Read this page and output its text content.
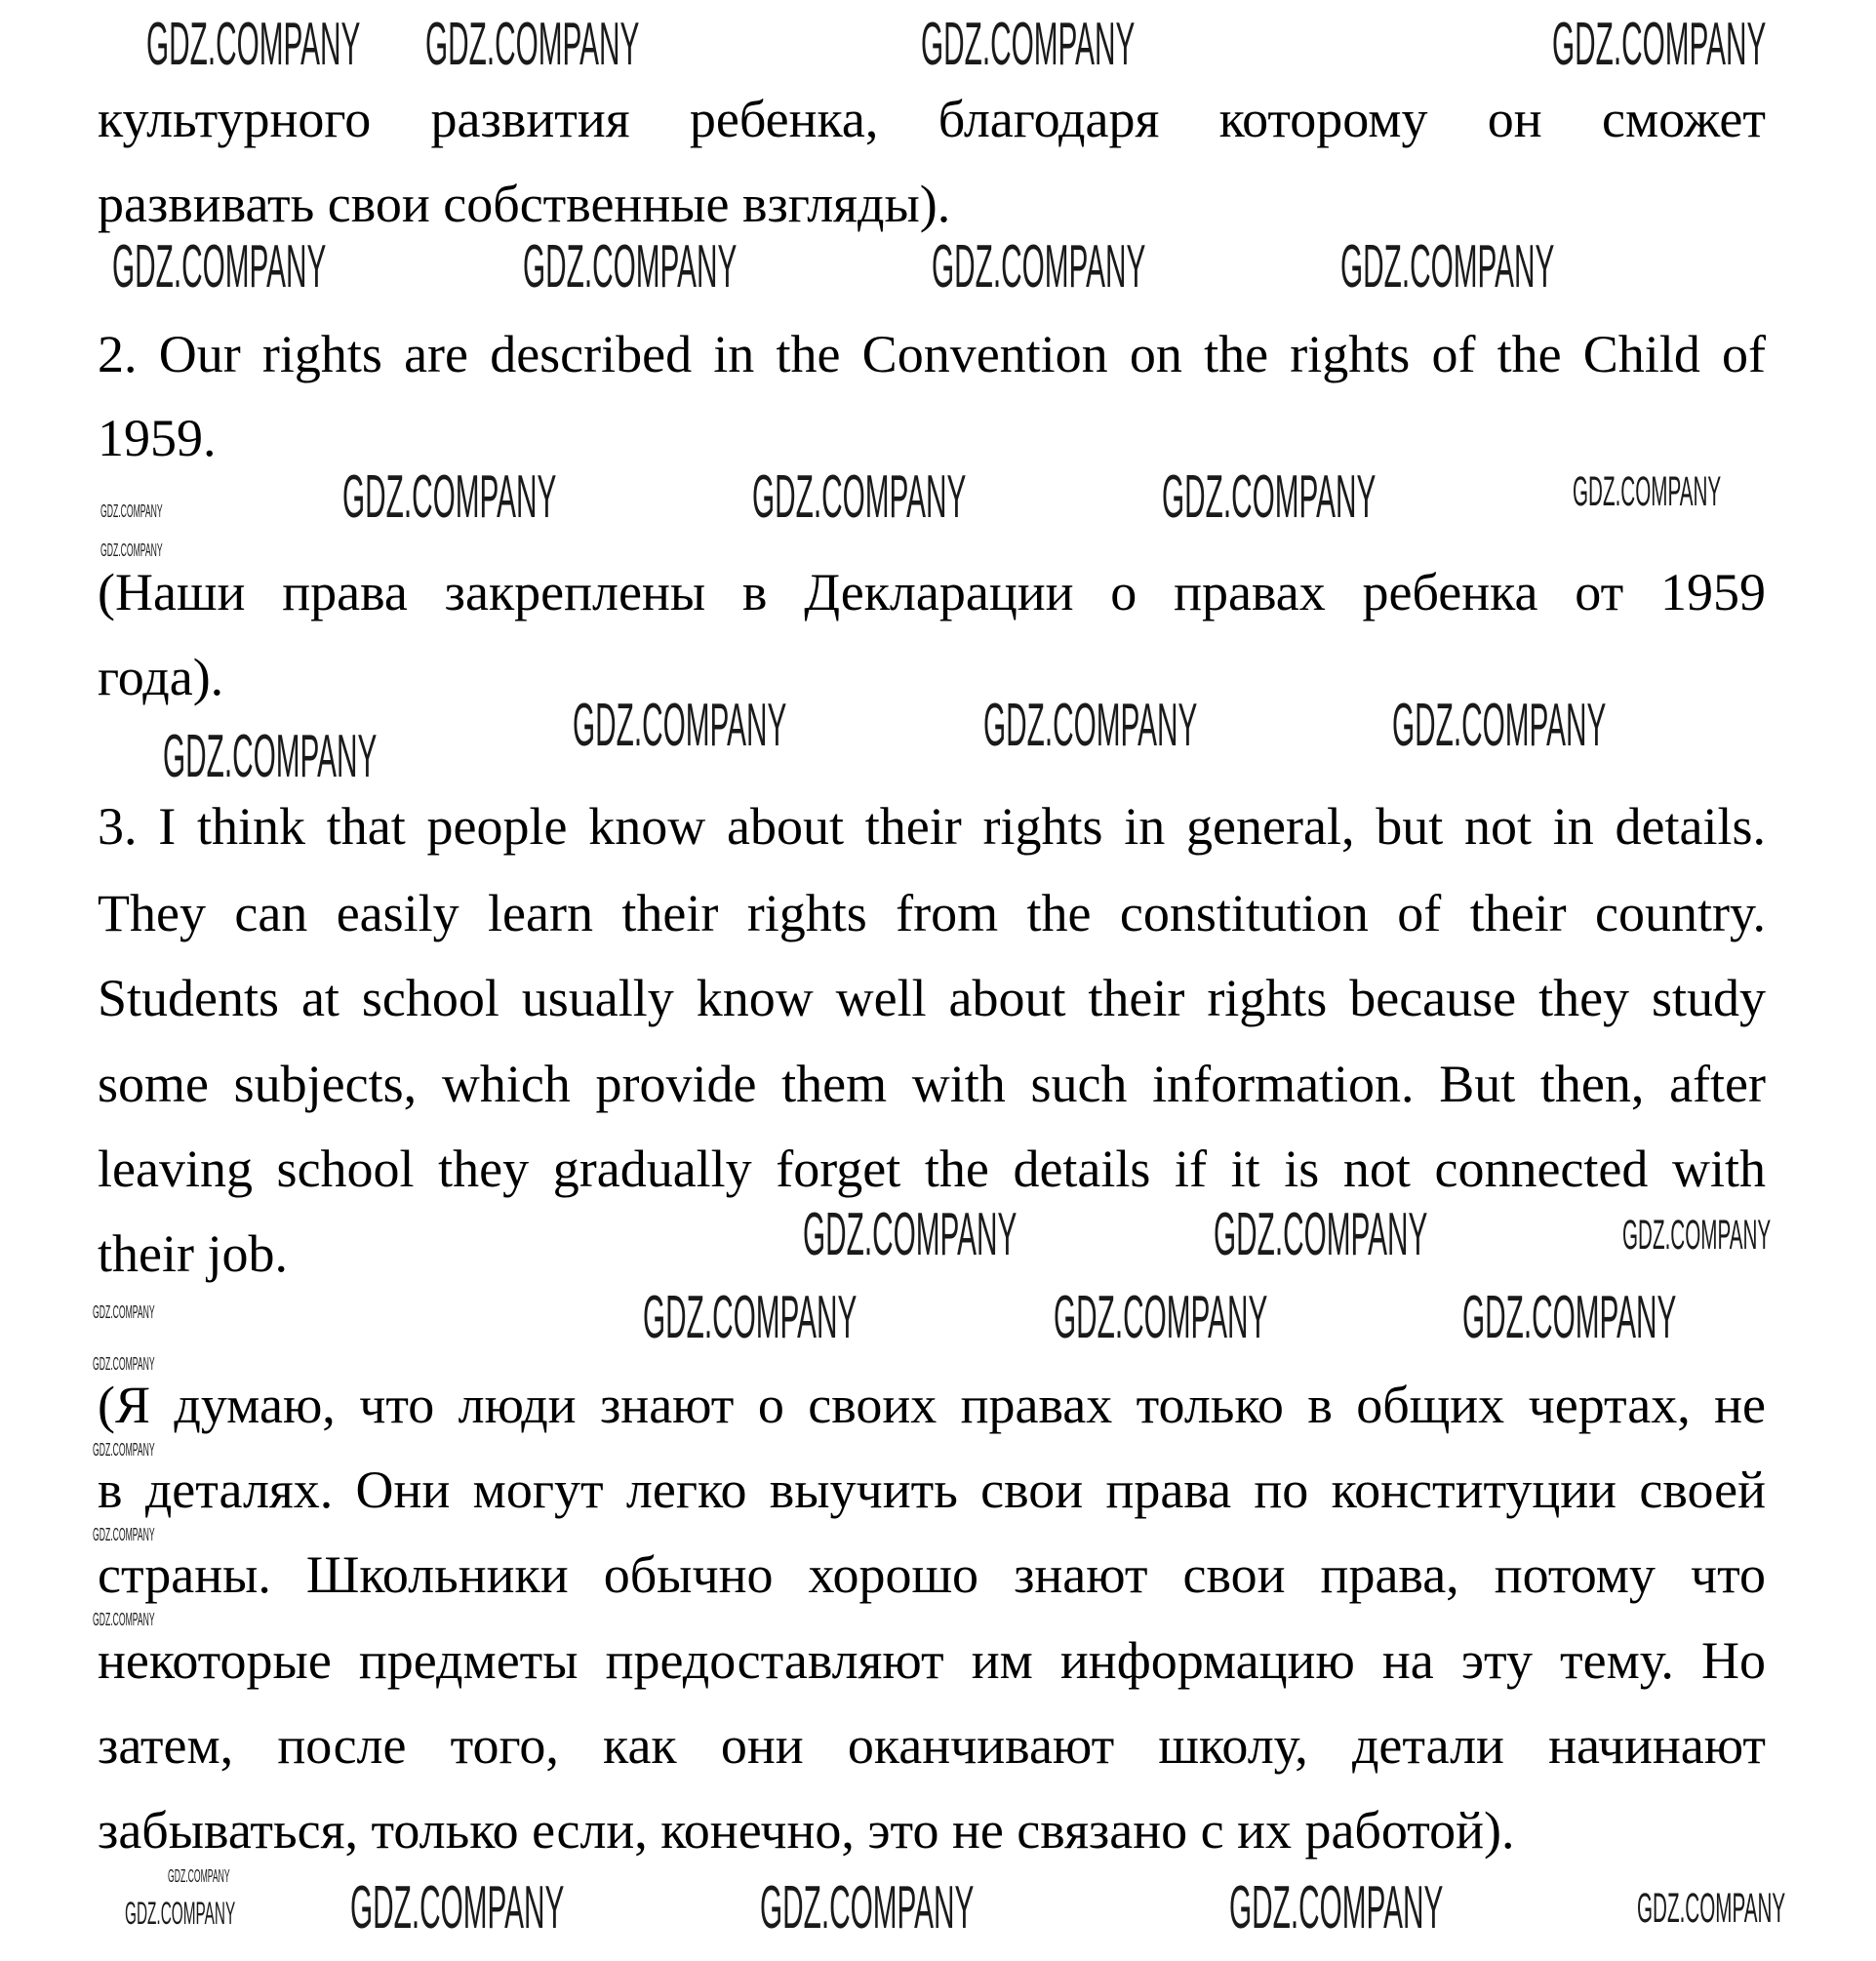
культурного развития ребенка, благодаря которому он сможет
развивать свои собственные взгляды).
2. Our rights are described in the Convention on the rights of the Child of
1959.
(Наши права закреплены в Декларации о правах ребенка от 1959
года).
3. I think that people know about their rights in general, but not in details.
They can easily learn their rights from the constitution of their country.
Students at school usually know well about their rights because they study
some subjects, which provide them with such information. But then, after
leaving school they gradually forget the details if it is not connected with
their job.
(Я думаю, что люди знают о своих правах только в общих чертах, не
в деталях. Они могут легко выучить свои права по конституции своей
страны. Школьники обычно хорошо знают свои права, потому что
некоторые предметы предоставляют им информацию на эту тему. Но
затем, после того, как они оканчивают школу, детали начинают
забываться, только если, конечно, это не связано с их работой).
GDZ.COMPANY GDZ.COMPANY	GDZ.COMPANY	GDZ.COMPANY
GDZ.COMPANY	GDZ.COMPANY	GDZ.COMPANY	GDZ.COMPANY
GDZ.COMPANY	GDZ.COMPANY	GDZ.COMPANY	GDZ.COMPANY
GDZ.COMPANY
GDZ.COMPANY
GDZ.COMPANY	GDZ.COMPANY	GDZ.COMPANY
GDZ.COMPANY
GDZ.COMPANY	GDZ.COMPANY	GDZ.COMPANY
GDZ.COMPANY	GDZ.COMPANY	GDZ.COMPANY
GDZ.COMPANY
GDZ.COMPANY
GDZ.COMPANY
GDZ.COMPANY
GDZ.COMPANY
GDZ.COMPANY
GDZ.COMPANY GDZ.COMPANY	GDZ.COMPANY	GDZ.COMPANY	GDZ.COMPANY
